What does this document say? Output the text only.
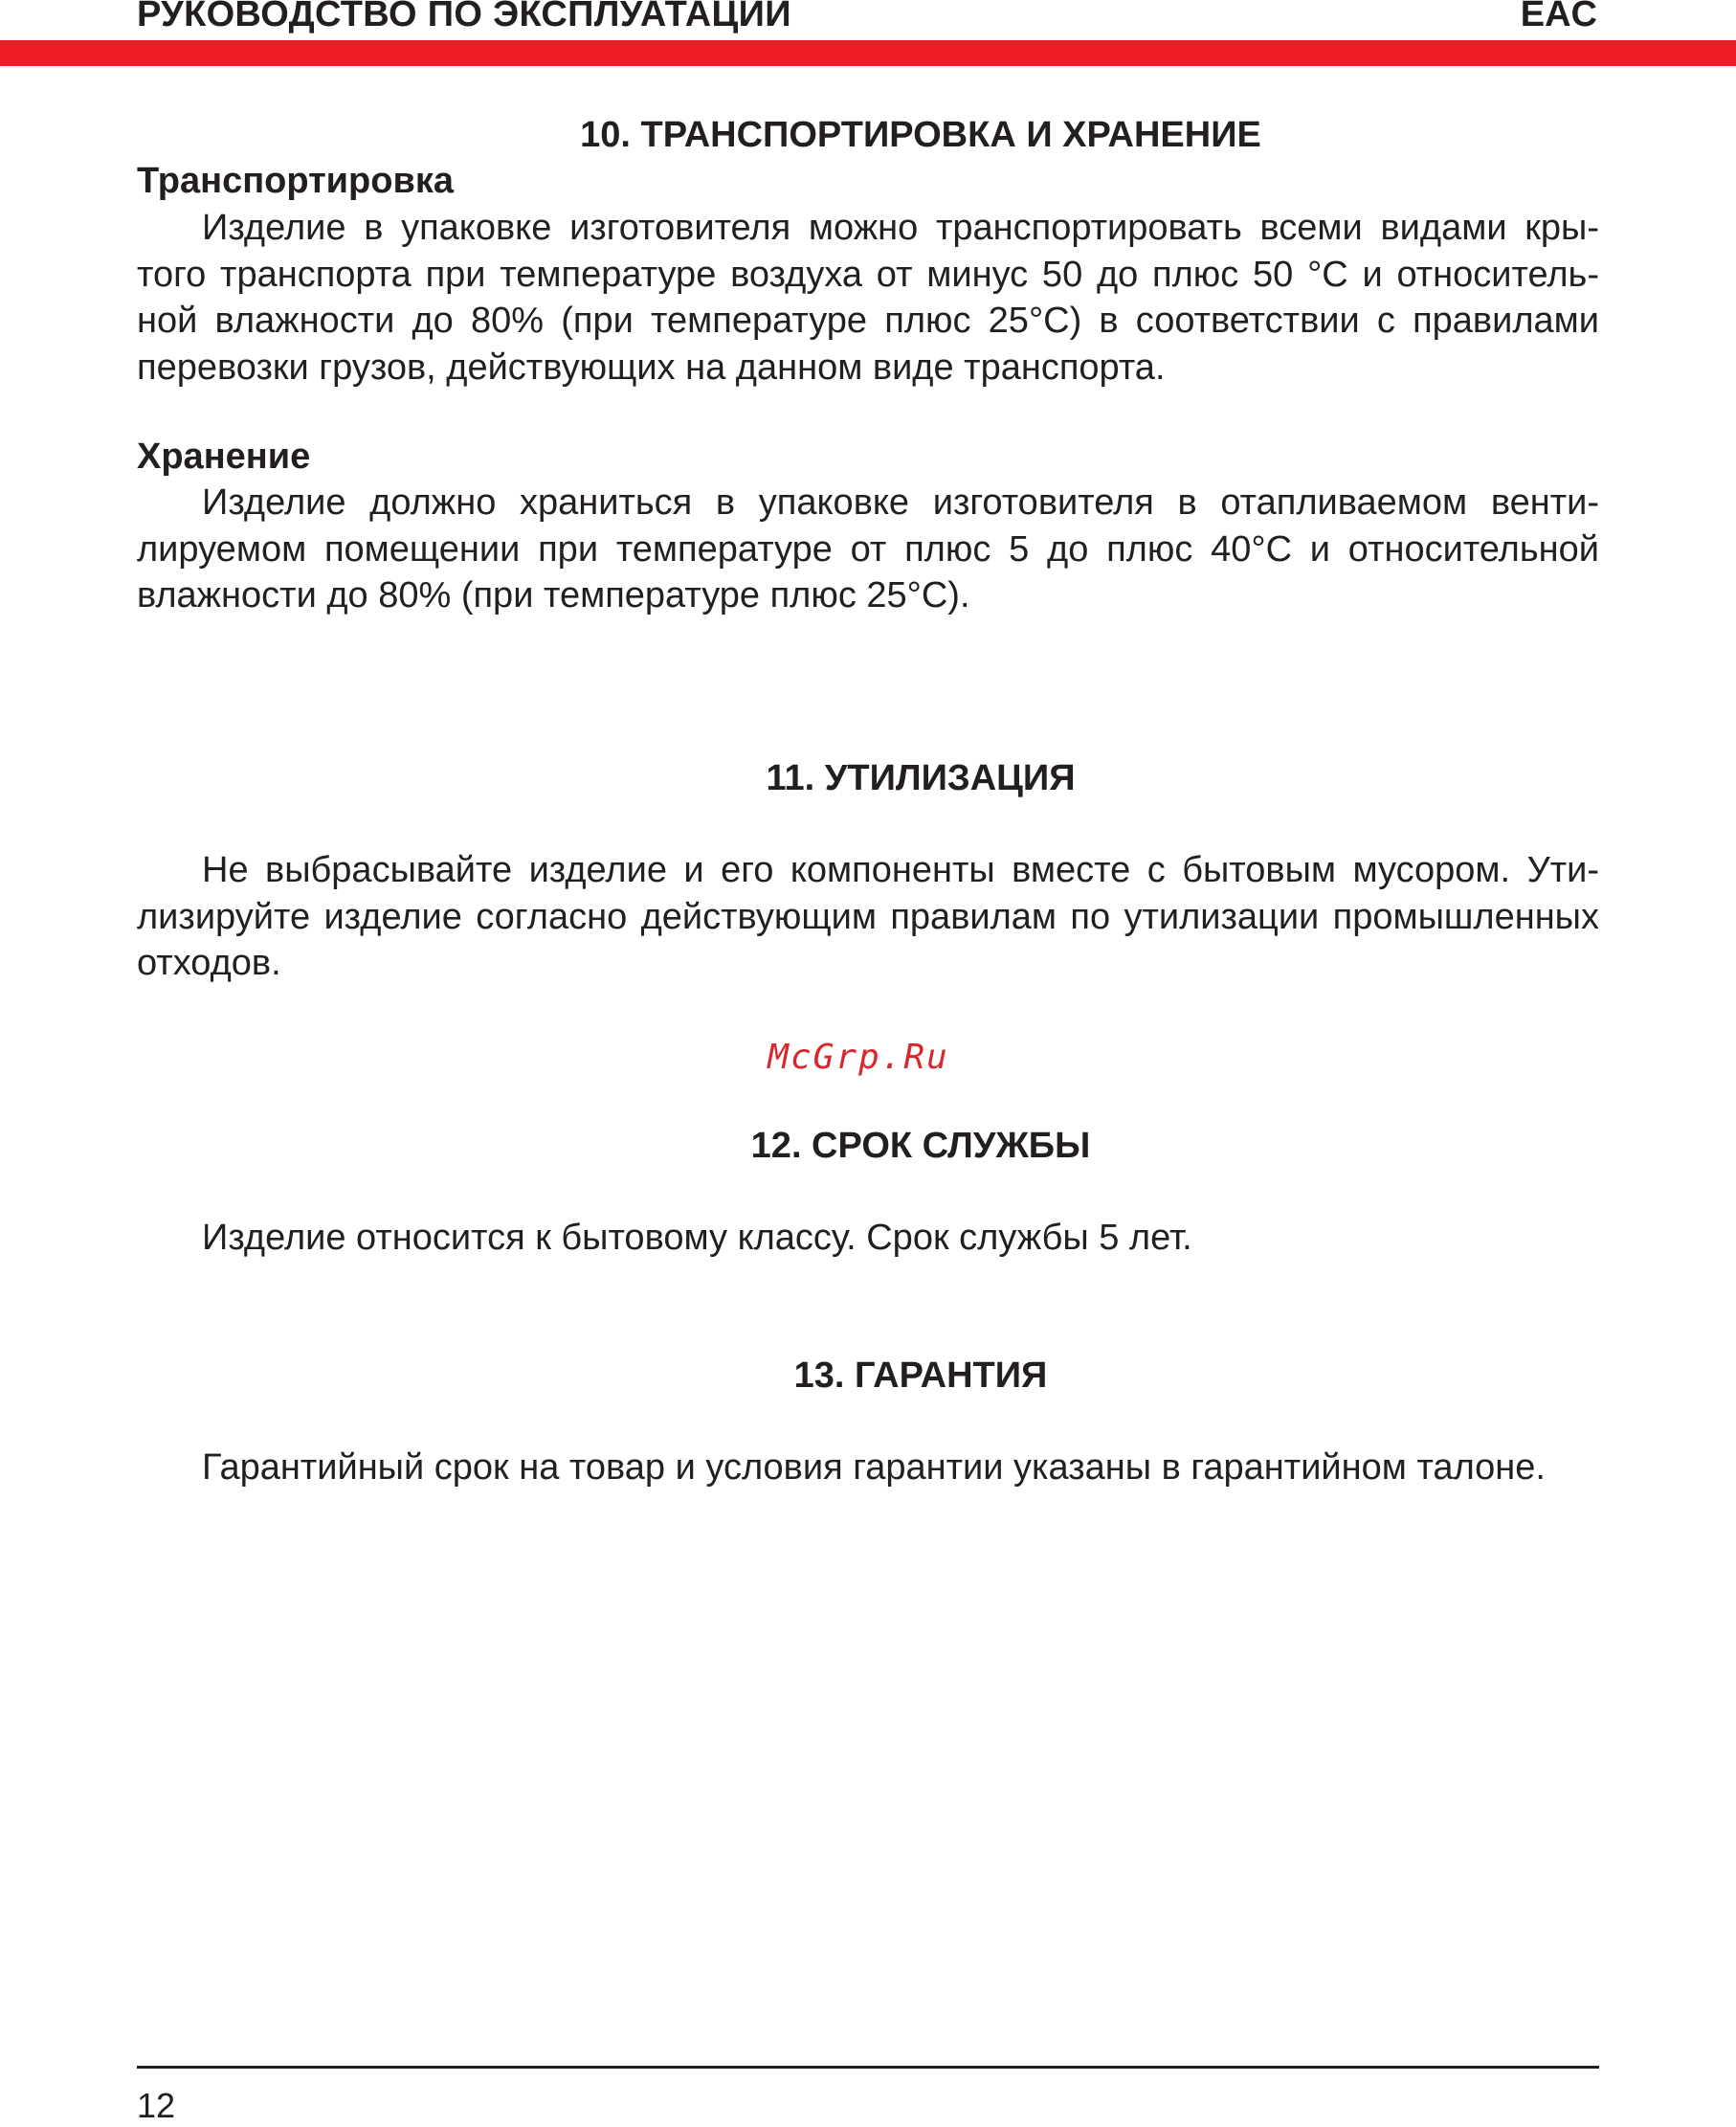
РУКОВОДСТВО ПО ЭКСПЛУАТАЦИИ	EAC
10. ТРАНСПОРТИРОВКА И ХРАНЕНИЕ
Транспортировка
Изделие в упаковке изготовителя можно транспортировать всеми видами кры-
того транспорта при температуре воздуха от минус 50 до плюс 50 °С и относитель-
ной влажности до 80% (при температуре плюс 25°С) в соответствии с правилами
перевозки грузов, действующих на данном виде транспорта.
Хранение
Изделие должно храниться в упаковке изготовителя в отапливаемом венти-
лируемом помещении при температуре от плюс 5 до плюс 40°С и относительной
влажности до 80% (при температуре плюс 25°С).
11. УТИЛИЗАЦИЯ
Не выбрасывайте изделие и его компоненты вместе с бытовым мусором. Ути-
лизируйте изделие согласно действующим правилам по утилизации промышленных
отходов.
McGrp.Ru
12. СРОК СЛУЖБЫ
Изделие относится к бытовому классу. Срок службы 5 лет.
13. ГАРАНТИЯ
Гарантийный срок на товар и условия гарантии указаны в гарантийном талоне.
12
